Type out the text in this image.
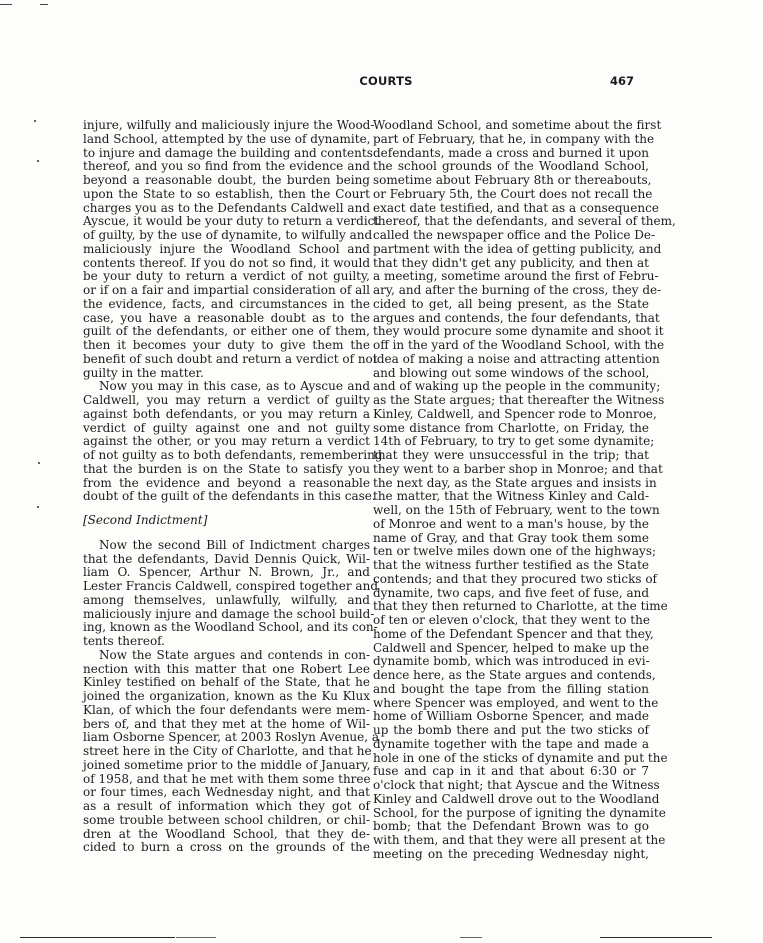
COURTS	467
injure, wilfully and maliciously injure the Wood-
land School, attempted by the use of dynamite,
to injure and damage the building and contents
thereof, and you so find from the evidence and
beyond a reasonable doubt, the burden being
upon the State to so establish, then the Court
charges you as to the Defendants Caldwell and
Ayscue, it would be your duty to return a verdict
of guilty, by the use of dynamite, to wilfully and
maliciously injure the Woodland School and
contents thereof. If you do not so find, it would
be your duty to return a verdict of not guilty,
or if on a fair and impartial consideration of all
the evidence, facts, and circumstances in the
case, you have a reasonable doubt as to the
guilt of the defendants, or either one of them,
then it becomes your duty to give them the
benefit of such doubt and return a verdict of not
guilty in the matter.
Now you may in this case, as to Ayscue and
Caldwell, you may return a verdict of guilty
against both defendants, or you may return a
verdict of guilty against one and not guilty
against the other, or you may return a verdict
of not guilty as to both defendants, remembering
that the burden is on the State to satisfy you
from the evidence and beyond a reasonable
doubt of the guilt of the defendants in this case.
[Second Indictment]
Now the second Bill of Indictment charges
that the defendants, David Dennis Quick, Wil-
liam O. Spencer, Arthur N. Brown, Jr., and
Lester Francis Caldwell, conspired together and
among themselves, unlawfully, wilfully, and
maliciously injure and damage the school build-
ing, known as the Woodland School, and its con-
tents thereof.
Now the State argues and contends in con-
nection with this matter that one Robert Lee
Kinley testified on behalf of the State, that he
joined the organization, known as the Ku Klux
Klan, of which the four defendants were mem-
bers of, and that they met at the home of Wil-
liam Osborne Spencer, at 2003 Roslyn Avenue, a
street here in the City of Charlotte, and that he
joined sometime prior to the middle of January,
of 1958, and that he met with them some three
or four times, each Wednesday night, and that
as a result of information which they got of
some trouble between school children, or chil-
dren at the Woodland School, that they de-
cided to burn a cross on the grounds of the
Woodland School, and sometime about the first
part of February, that he, in company with the
defendants, made a cross and burned it upon
the school grounds of the Woodland School,
sometime about February 8th or thereabouts,
or February 5th, the Court does not recall the
exact date testified, and that as a consequence
thereof, that the defendants, and several of them,
called the newspaper office and the Police De-
partment with the idea of getting publicity, and
that they didn't get any publicity, and then at
a meeting, sometime around the first of Febru-
ary, and after the burning of the cross, they de-
cided to get, all being present, as the State
argues and contends, the four defendants, that
they would procure some dynamite and shoot it
off in the yard of the Woodland School, with the
idea of making a noise and attracting attention
and blowing out some windows of the school,
and of waking up the people in the community;
as the State argues; that thereafter the Witness
Kinley, Caldwell, and Spencer rode to Monroe,
some distance from Charlotte, on Friday, the
14th of February, to try to get some dynamite;
that they were unsuccessful in the trip; that
they went to a barber shop in Monroe; and that
the next day, as the State argues and insists in
the matter, that the Witness Kinley and Cald-
well, on the 15th of February, went to the town
of Monroe and went to a man's house, by the
name of Gray, and that Gray took them some
ten or twelve miles down one of the highways;
that the witness further testified as the State
contends; and that they procured two sticks of
dynamite, two caps, and five feet of fuse, and
that they then returned to Charlotte, at the time
of ten or eleven o'clock, that they went to the
home of the Defendant Spencer and that they,
Caldwell and Spencer, helped to make up the
dynamite bomb, which was introduced in evi-
dence here, as the State argues and contends,
and bought the tape from the filling station
where Spencer was employed, and went to the
home of William Osborne Spencer, and made
up the bomb there and put the two sticks of
dynamite together with the tape and made a
hole in one of the sticks of dynamite and put the
fuse and cap in it and that about 6:30 or 7
o'clock that night; that Ayscue and the Witness
Kinley and Caldwell drove out to the Woodland
School, for the purpose of igniting the dynamite
bomb; that the Defendant Brown was to go
with them, and that they were all present at the
meeting on the preceding Wednesday night,
